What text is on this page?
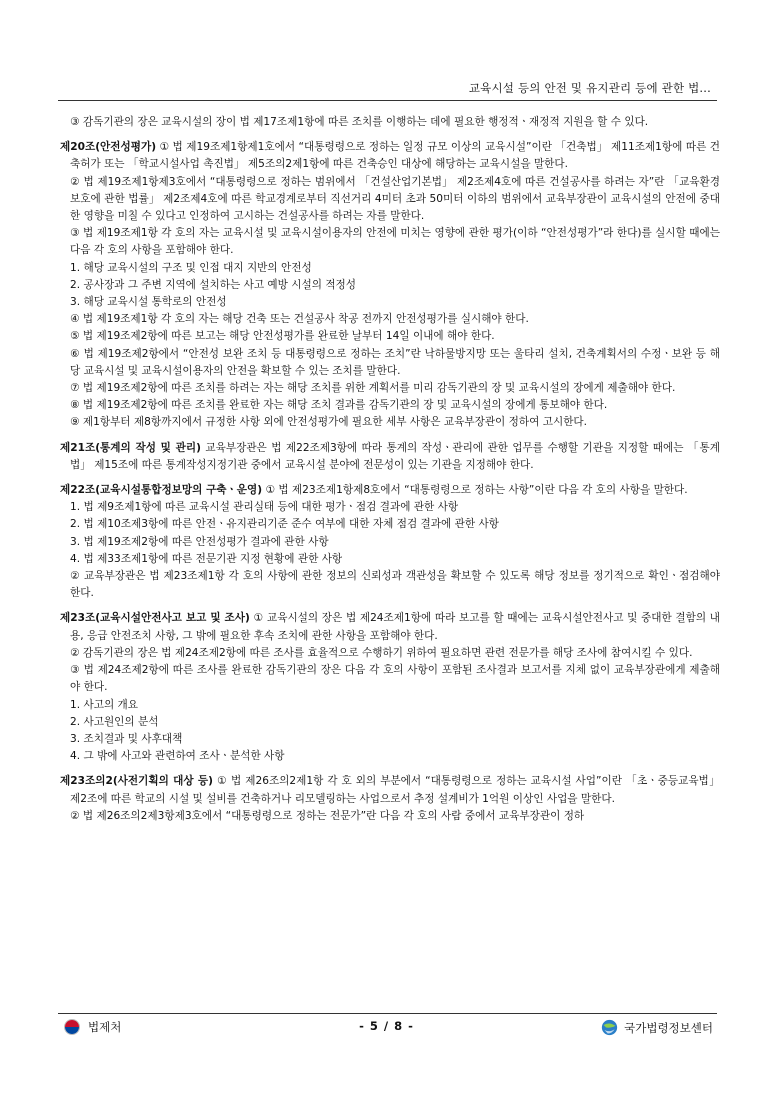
교육시설 등의 안전 및 유지관리 등에 관한 법...
③ 감독기관의 장은 교육시설의 장이 법 제17조제1항에 따른 조치를 이행하는 데에 필요한 행정적ㆍ재정적 지원을 할 수 있다.
제20조(안전성평가) ① 법 제19조제1항제1호에서 “대통령령으로 정하는 일정 규모 이상의 교육시설”이란 「건축법」 제11조제1항에 따른 건축허가 또는 「학교시설사업 촉진법」 제5조의2제1항에 따른 건축승인 대상에 해당하는 교육시설을 말한다.
② 법 제19조제1항제3호에서 “대통령령으로 정하는 범위에서 「건설산업기본법」 제2조제4호에 따른 건설공사를 하려는 자”란 「교육환경 보호에 관한 법률」 제2조제4호에 따른 학교경계로부터 직선거리 4미터 초과 50미터 이하의 범위에서 교육부장관이 교육시설의 안전에 중대한 영향을 미칠 수 있다고 인정하여 고시하는 건설공사를 하려는 자를 말한다.
③ 법 제19조제1항 각 호의 자는 교육시설 및 교육시설이용자의 안전에 미치는 영향에 관한 평가(이하 “안전성평가”라 한다)를 실시할 때에는 다음 각 호의 사항을 포함해야 한다.
1. 해당 교육시설의 구조 및 인접 대지 지반의 안전성
2. 공사장과 그 주변 지역에 설치하는 사고 예방 시설의 적정성
3. 해당 교육시설 통학로의 안전성
④ 법 제19조제1항 각 호의 자는 해당 건축 또는 건설공사 착공 전까지 안전성평가를 실시해야 한다.
⑤ 법 제19조제2항에 따른 보고는 해당 안전성평가를 완료한 날부터 14일 이내에 해야 한다.
⑥ 법 제19조제2항에서 “안전성 보완 조치 등 대통령령으로 정하는 조치”란 낙하물방지망 또는 울타리 설치, 건축계획서의 수정ㆍ보완 등 해당 교육시설 및 교육시설이용자의 안전을 확보할 수 있는 조치를 말한다.
⑦ 법 제19조제2항에 따른 조치를 하려는 자는 해당 조치를 위한 계획서를 미리 감독기관의 장 및 교육시설의 장에게 제출해야 한다.
⑧ 법 제19조제2항에 따른 조치를 완료한 자는 해당 조치 결과를 감독기관의 장 및 교육시설의 장에게 통보해야 한다.
⑨ 제1항부터 제8항까지에서 규정한 사항 외에 안전성평가에 필요한 세부 사항은 교육부장관이 정하여 고시한다.
제21조(통계의 작성 및 관리) 교육부장관은 법 제22조제3항에 따라 통계의 작성ㆍ관리에 관한 업무를 수행할 기관을 지정할 때에는 「통계법」 제15조에 따른 통계작성지정기관 중에서 교육시설 분야에 전문성이 있는 기관을 지정해야 한다.
제22조(교육시설통합정보망의 구축ㆍ운영) ① 법 제23조제1항제8호에서 “대통령령으로 정하는 사항”이란 다음 각 호의 사항을 말한다.
1. 법 제9조제1항에 따른 교육시설 관리실태 등에 대한 평가ㆍ점검 결과에 관한 사항
2. 법 제10조제3항에 따른 안전ㆍ유지관리기준 준수 여부에 대한 자체 점검 결과에 관한 사항
3. 법 제19조제2항에 따른 안전성평가 결과에 관한 사항
4. 법 제33조제1항에 따른 전문기관 지정 현황에 관한 사항
② 교육부장관은 법 제23조제1항 각 호의 사항에 관한 정보의 신뢰성과 객관성을 확보할 수 있도록 해당 정보를 정기적으로 확인ㆍ점검해야 한다.
제23조(교육시설안전사고 보고 및 조사) ① 교육시설의 장은 법 제24조제1항에 따라 보고를 할 때에는 교육시설안전사고 및 중대한 결함의 내용, 응급 안전조치 사항, 그 밖에 필요한 후속 조치에 관한 사항을 포함해야 한다.
② 감독기관의 장은 법 제24조제2항에 따른 조사를 효율적으로 수행하기 위하여 필요하면 관련 전문가를 해당 조사에 참여시킬 수 있다.
③ 법 제24조제2항에 따른 조사를 완료한 감독기관의 장은 다음 각 호의 사항이 포함된 조사결과 보고서를 지체 없이 교육부장관에게 제출해야 한다.
1. 사고의 개요
2. 사고원인의 분석
3. 조치결과 및 사후대책
4. 그 밖에 사고와 관련하여 조사ㆍ분석한 사항
제23조의2(사전기획의 대상 등) ① 법 제26조의2제1항 각 호 외의 부분에서 “대통령령으로 정하는 교육시설 사업”이란 「초ㆍ중등교육법」 제2조에 따른 학교의 시설 및 설비를 건축하거나 리모델링하는 사업으로서 추정 설계비가 1억원 이상인 사업을 말한다.
② 법 제26조의2제3항제3호에서 “대통령령으로 정하는 전문가”란 다음 각 호의 사람 중에서 교육부장관이 정하
법제처	- 5 / 8 -	국가법령정보센터
